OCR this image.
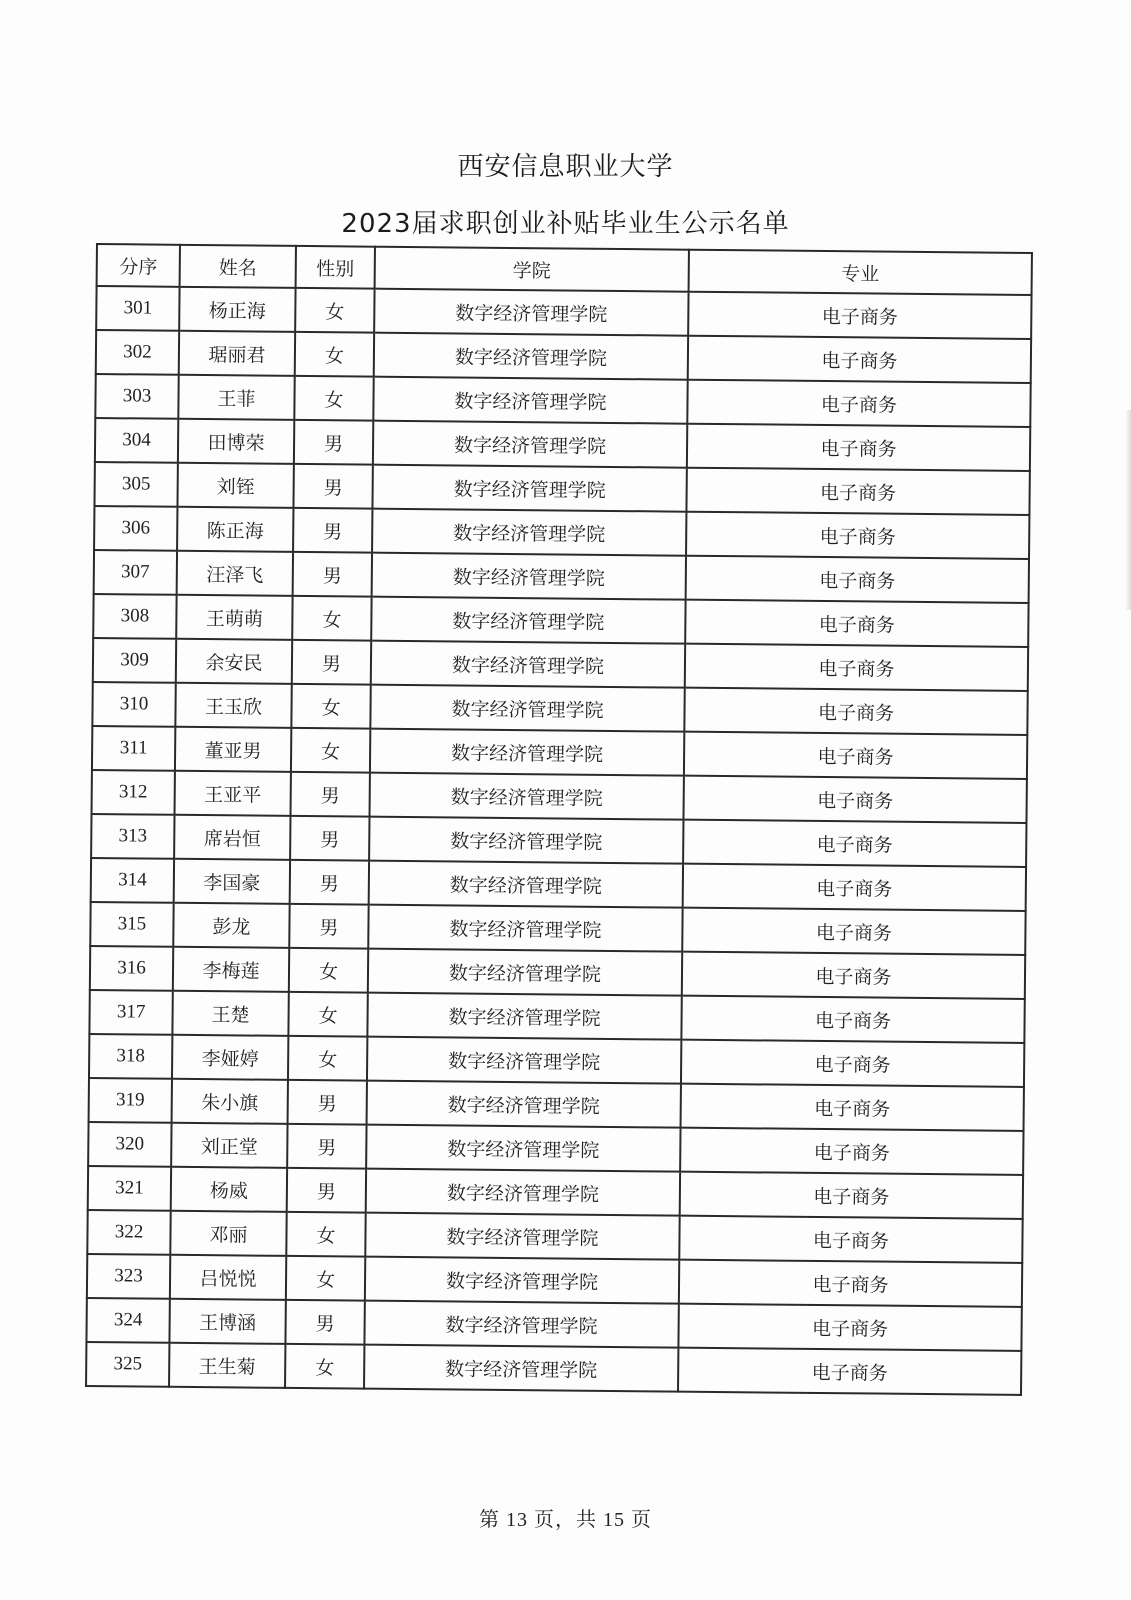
西安信息职业大学
2023届求职创业补贴毕业生公示名单
分序	姓名	性别	学院	专业
301	杨正海	女	数字经济管理学院	电子商务
302	琚丽君	女	数字经济管理学院	电子商务
303	王菲	女	数字经济管理学院	电子商务
304	田博荣	男	数字经济管理学院	电子商务
305	刘铚	男	数字经济管理学院	电子商务
306	陈正海	男	数字经济管理学院	电子商务
307	汪泽飞	男	数字经济管理学院	电子商务
308	王萌萌	女	数字经济管理学院	电子商务
309	余安民	男	数字经济管理学院	电子商务
310	王玉欣	女	数字经济管理学院	电子商务
311	董亚男	女	数字经济管理学院	电子商务
312	王亚平	男	数字经济管理学院	电子商务
313	席岩恒	男	数字经济管理学院	电子商务
314	李国豪	男	数字经济管理学院	电子商务
315	彭龙	男	数字经济管理学院	电子商务
316	李梅莲	女	数字经济管理学院	电子商务
317	王楚	女	数字经济管理学院	电子商务
318	李娅婷	女	数字经济管理学院	电子商务
319	朱小旗	男	数字经济管理学院	电子商务
320	刘正堂	男	数字经济管理学院	电子商务
321	杨威	男	数字经济管理学院	电子商务
322	邓丽	女	数字经济管理学院	电子商务
323	吕悦悦	女	数字经济管理学院	电子商务
324	王博涵	男	数字经济管理学院	电子商务
325	王生菊	女	数字经济管理学院	电子商务
第 13 页，共 15 页
